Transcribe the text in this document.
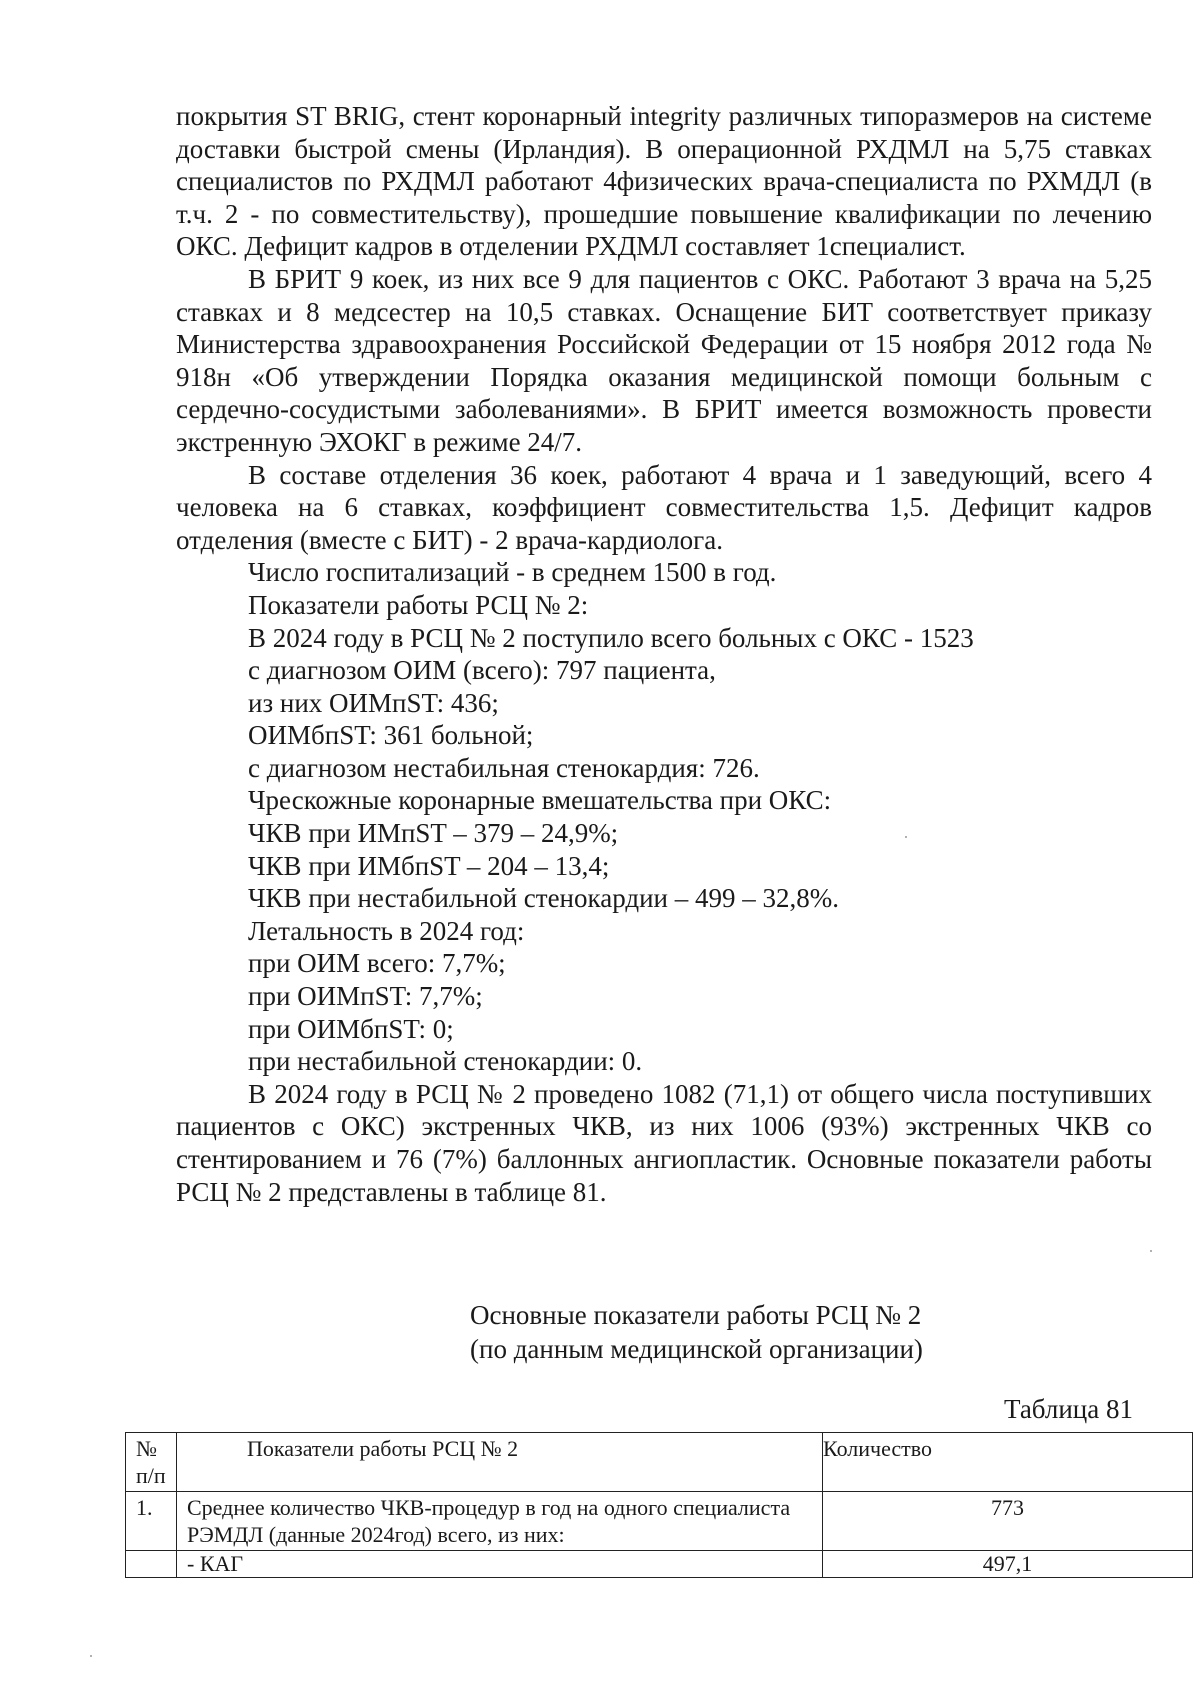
покрытия ST BRIG, стент коронарный integrity различных типоразмеров на системе доставки быстрой смены (Ирландия). В операционной РХДМЛ на 5,75 ставках специалистов по РХДМЛ работают 4физических врача-специалиста по РХМДЛ (в т.ч. 2 - по совместительству), прошедшие повышение квалификации по лечению ОКС. Дефицит кадров в отделении РХДМЛ составляет 1специалист.

В БРИТ 9 коек, из них все 9 для пациентов с ОКС. Работают 3 врача на 5,25 ставках и 8 медсестер на 10,5 ставках. Оснащение БИТ соответствует приказу Министерства здравоохранения Российской Федерации от 15 ноября 2012 года № 918н «Об утверждении Порядка оказания медицинской помощи больным с сердечно-сосудистыми заболеваниями». В БРИТ имеется возможность провести экстренную ЭХОКГ в режиме 24/7.

В составе отделения 36 коек, работают 4 врача и 1 заведующий, всего 4 человека на 6 ставках, коэффициент совместительства 1,5. Дефицит кадров отделения (вместе с БИТ) - 2 врача-кардиолога.

Число госпитализаций - в среднем 1500 в год.
Показатели работы РСЦ № 2:
В 2024 году в РСЦ № 2 поступило всего больных с ОКС - 1523
с диагнозом ОИМ (всего): 797 пациента,
из них ОИМпST: 436;
ОИМбпST: 361 больной;
с диагнозом нестабильная стенокардия: 726.
Чрескожные коронарные вмешательства при ОКС:
ЧКВ при ИМпST – 379 – 24,9%;
ЧКВ при ИМбпST – 204 – 13,4;
ЧКВ при нестабильной стенокардии – 499 – 32,8%.
Летальность в 2024 год:
при ОИМ всего: 7,7%;
при ОИМпST: 7,7%;
при ОИМбпST: 0;
при нестабильной стенокардии: 0.

В 2024 году в РСЦ № 2 проведено 1082 (71,1) от общего числа поступивших пациентов с ОКС) экстренных ЧКВ, из них 1006 (93%) экстренных ЧКВ со стентированием и 76 (7%) баллонных ангиопластик. Основные показатели работы РСЦ № 2 представлены в таблице 81.

Основные показатели работы РСЦ № 2
(по данным медицинской организации)
Таблица 81
№ п/п	Показатели работы РСЦ № 2	Количество
1.	Среднее количество ЧКВ-процедур в год на одного специалиста РЭМДЛ (данные 2024год) всего, из них:	773
	- КАГ	497,1
